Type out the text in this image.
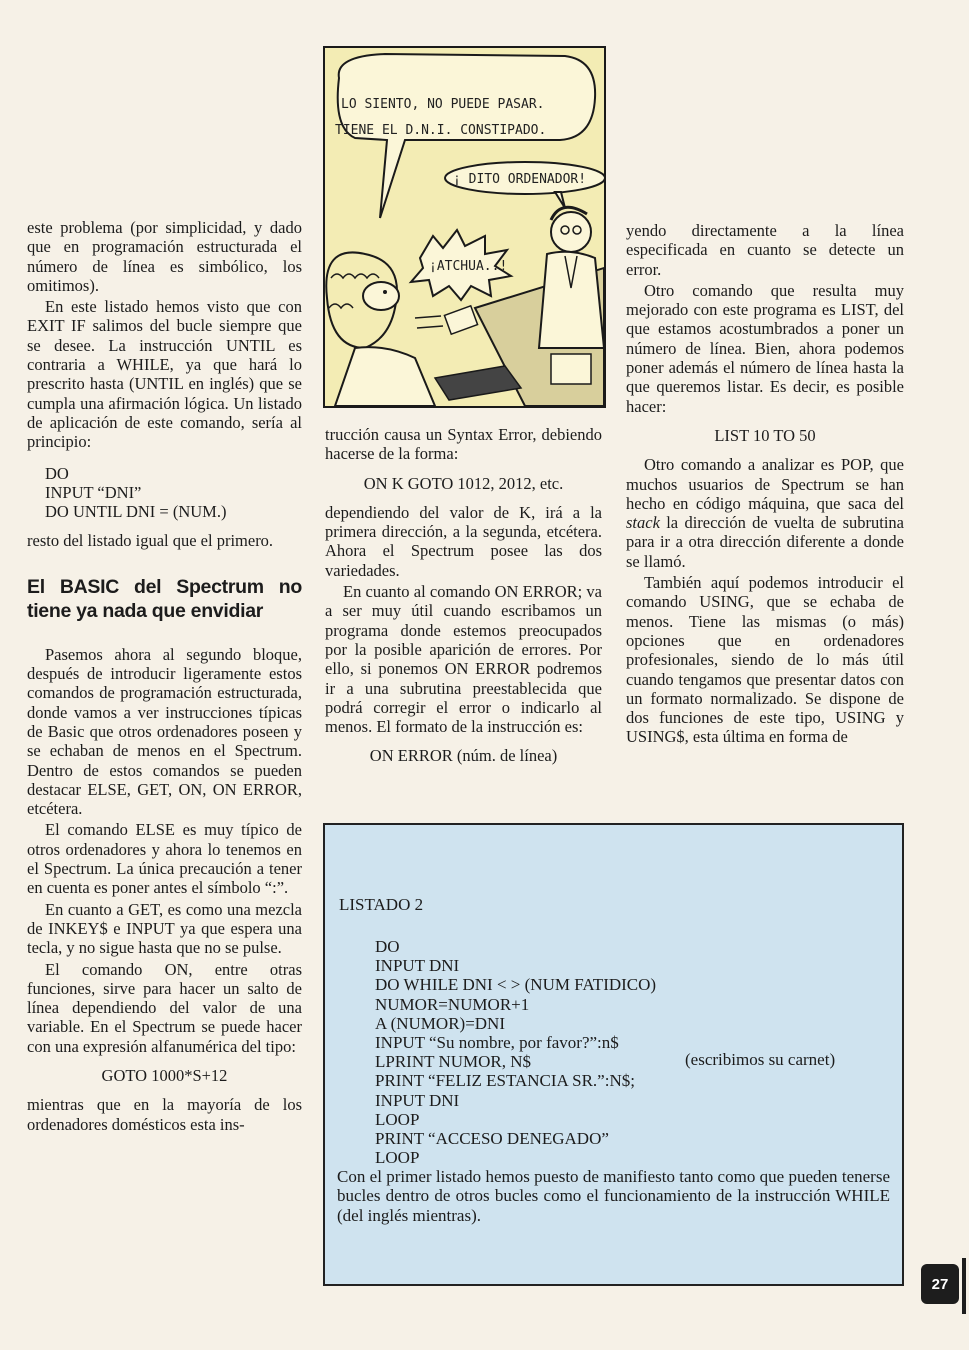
este problema (por simplicidad, y dado que en programación estructurada el número de línea es simbólico, los omitimos).

En este listado hemos visto que con EXIT IF salimos del bucle siempre que se desee. La instrucción UNTIL es contraria a WHILE, ya que hará lo prescrito hasta (UNTIL en inglés) que se cumpla una afirmación lógica. Un listado de aplicación de este comando, sería al principio:

DO
INPUT “DNI”
DO UNTIL DNI = (NUM.)

resto del listado igual que el primero.

El BASIC del Spectrum no tiene ya nada que envidiar

Pasemos ahora al segundo bloque, después de introducir ligeramente estos comandos de programación estructurada, donde vamos a ver instrucciones típicas de Basic que otros ordenadores poseen y se echaban de menos en el Spectrum. Dentro de estos comandos se pueden destacar ELSE, GET, ON, ON ERROR, etcétera.

El comando ELSE es muy típico de otros ordenadores y ahora lo tenemos en el Spectrum. La única precaución a tener en cuenta es poner antes el símbolo “:”.

En cuanto a GET, es como una mezcla de INKEY$ e INPUT ya que espera una tecla, y no sigue hasta que no se pulse.

El comando ON, entre otras funciones, sirve para hacer un salto de línea dependiendo del valor de una variable. En el Spectrum se puede hacer con una expresión alfanumérica del tipo:

GOTO 1000*S+12

mientras que en la mayoría de los ordenadores domésticos esta ins-

LO SIENTO, NO PUEDE PASAR.
TIENE EL D.N.I. CONSTIPADO.
¡ DITO ORDENADOR!
¡ATCHUA..!

trucción causa un Syntax Error, debiendo hacerse de la forma:

ON K GOTO 1012, 2012, etc.

dependiendo del valor de K, irá a la primera dirección, a la segunda, etcétera. Ahora el Spectrum posee las dos variedades.

En cuanto al comando ON ERROR; va a ser muy útil cuando escribamos un programa donde estemos preocupados por la posible aparición de errores. Por ello, si ponemos ON ERROR podremos ir a una subrutina preestablecida que podrá corregir el error o indicarlo al menos. El formato de la instrucción es:

ON ERROR (núm. de línea)

yendo directamente a la línea especificada en cuanto se detecte un error.

Otro comando que resulta muy mejorado con este programa es LIST, del que estamos acostumbrados a poner un número de línea. Bien, ahora podemos poner además el número de línea hasta la que queremos listar. Es decir, es posible hacer:

LIST 10 TO 50

Otro comando a analizar es POP, que muchos usuarios de Spectrum se han hecho en código máquina, que saca del stack la dirección de vuelta de subrutina para ir a otra dirección diferente a donde se llamó.

También aquí podemos introducir el comando USING, que se echaba de menos. Tiene las mismas (o más) opciones que en ordenadores profesionales, siendo de lo más útil cuando tengamos que presentar datos con un formato normalizado. Se dispone de dos funciones de este tipo, USING y USING$, esta última en forma de

LISTADO 2
DO
INPUT DNI
DO WHILE DNI < > (NUM FATIDICO)
NUMOR=NUMOR+1
A (NUMOR)=DNI
INPUT “Su nombre, por favor?”:n$
LPRINT NUMOR, N$
PRINT “FELIZ ESTANCIA SR.”:N$;
INPUT DNI
LOOP
PRINT “ACCESO DENEGADO”
LOOP
(escribimos su carnet)
Con el primer listado hemos puesto de manifiesto tanto como que pueden tenerse bucles dentro de otros bucles como el funcionamiento de la instrucción WHILE (del inglés mientras).
27
